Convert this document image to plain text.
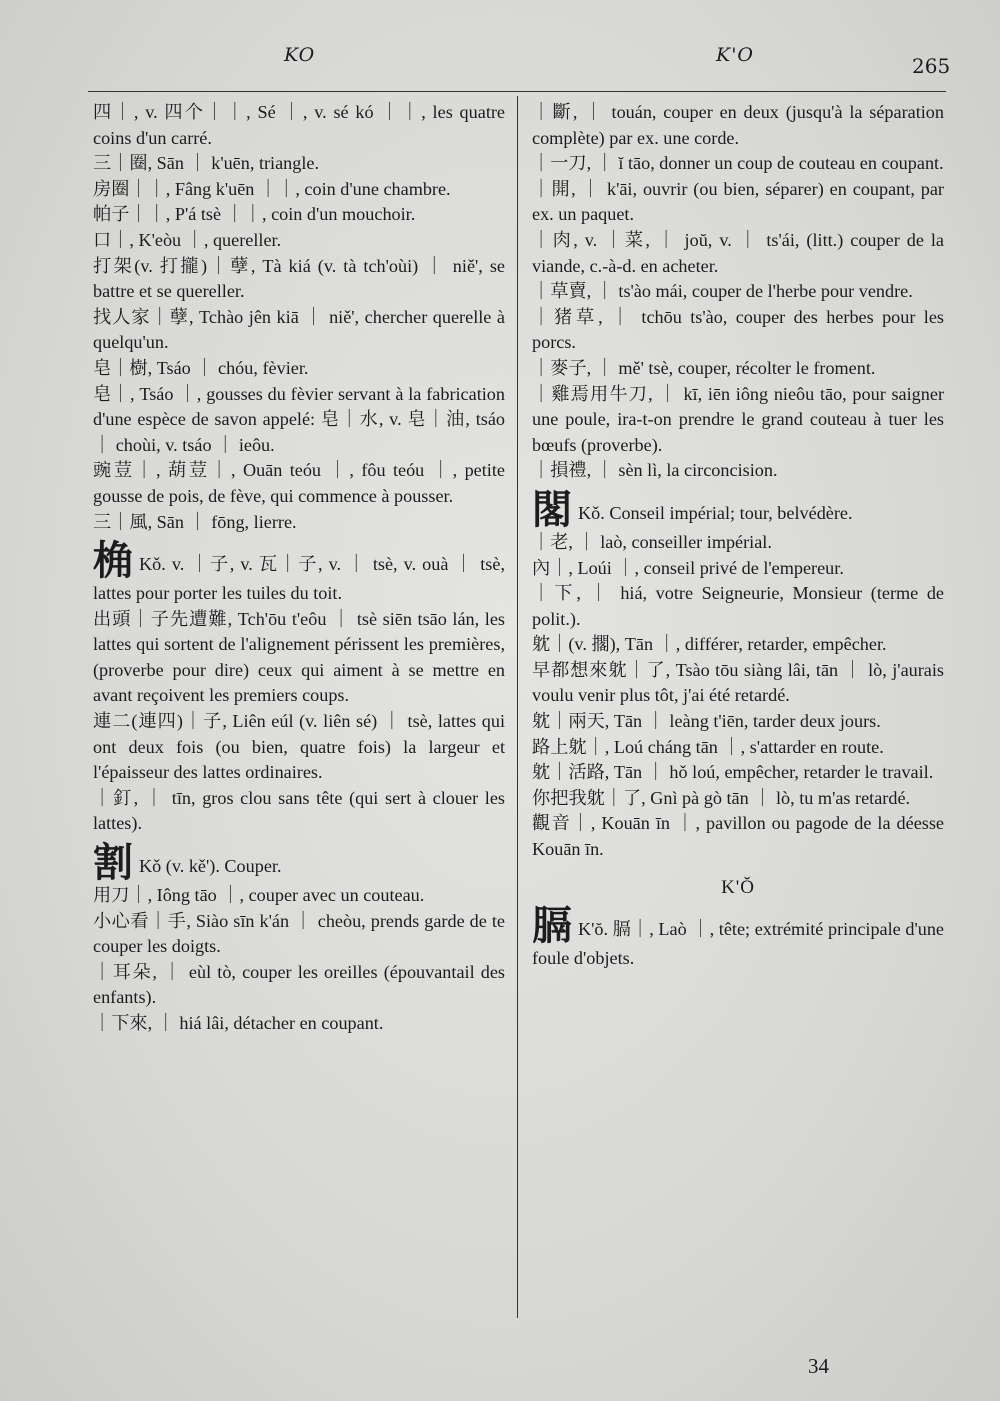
KO	K'O	265

四｜, v. 四个｜｜, Sé ｜, v. sé kó ｜｜, les quatre coins d'un carré.

三｜圈, Sān ｜ k'uēn, triangle.

房圈｜｜, Fâng k'uēn ｜｜, coin d'une chambre.

帕子｜｜, P'á tsè ｜｜, coin d'un mouchoir.

口｜, K'eòu ｜, quereller.

打架(v. 打攏)｜孽, Tà kiá (v. tà tch'oùi) ｜ niě', se battre et se quereller.

找人家｜孽, Tchào jên kiā ｜ niě', chercher querelle à quelqu'un.

皂｜樹, Tsáo ｜ chóu, fèvier.

皂｜, Tsáo ｜, gousses du fèvier servant à la fabrication d'une espèce de savon appelé: 皂｜水, v. 皂｜油, tsáo ｜ choùi, v. tsáo ｜ ieôu.

豌荳｜, 葫荳｜, Ouān teóu ｜, fôu teóu ｜, petite gousse de pois, de fève, qui commence à pousser.

三｜風, Sān ｜ fōng, lierre.

桷 Kǒ. v. ｜子, v. 瓦｜子, v. ｜ tsè, v. ouà ｜ tsè, lattes pour porter les tuiles du toit.

出頭｜子先遭難, Tch'ōu t'eôu ｜ tsè siēn tsāo lán, les lattes qui sortent de l'alignement périssent les premières, (proverbe pour dire) ceux qui aiment à se mettre en avant reçoivent les premiers coups.

連二(連四)｜子, Liên eúl (v. liên sé) ｜ tsè, lattes qui ont deux fois (ou bien, quatre fois) la largeur et l'épaisseur des lattes ordinaires.

｜釘, ｜ tīn, gros clou sans tête (qui sert à clouer les lattes).

割 Kǒ (v. kě'). Couper.

用刀｜, Iông tāo ｜, couper avec un couteau.

小心看｜手, Siào sīn k'án ｜ cheòu, prends garde de te couper les doigts.

｜耳朵, ｜ eùl tò, couper les oreilles (épouvantail des enfants).

｜下來, ｜ hiá lâi, détacher en coupant.

｜斷, ｜ touán, couper en deux (jusqu'à la séparation complète) par ex. une corde.

｜一刀, ｜ ĭ tāo, donner un coup de couteau en coupant.

｜開, ｜ k'āi, ouvrir (ou bien, séparer) en coupant, par ex. un paquet.

｜肉, v. ｜菜, ｜ joŭ, v. ｜ ts'ái, (litt.) couper de la viande, c.-à-d. en acheter.

｜草賣, ｜ ts'ào mái, couper de l'herbe pour vendre.

｜猪草, ｜ tchōu ts'ào, couper des herbes pour les porcs.

｜麥子, ｜ mě' tsè, couper, récolter le froment.

｜雞焉用牛刀, ｜ kī, iēn iông nieôu tāo, pour saigner une poule, ira-t-on prendre le grand couteau à tuer les bœufs (proverbe).

｜損禮, ｜ sèn lì, la circoncision.

閣 Kǒ. Conseil impérial; tour, belvédère.

｜老, ｜ laò, conseiller impérial.

內｜, Loúi ｜, conseil privé de l'empereur.

｜下, ｜ hiá, votre Seigneurie, Monsieur (terme de polit.).

躭｜(v. 擱), Tān ｜, différer, retarder, empêcher.

早都想來躭｜了, Tsào tōu siàng lâi, tān ｜ lò, j'aurais voulu venir plus tôt, j'ai été retardé.

躭｜兩天, Tān ｜ leàng t'iēn, tarder deux jours.

路上躭｜, Loú cháng tān ｜, s'attarder en route.

躭｜活路, Tān ｜ hǒ loú, empêcher, retarder le travail.

你把我躭｜了, Gnì pà gò tān ｜ lò, tu m'as retardé.

觀音｜, Kouān īn ｜, pavillon ou pagode de la déesse Kouān īn.

K'Ŏ

膈 K'ŏ. 膈｜, Laò ｜, tête; extrémité principale d'une foule d'objets.

34
